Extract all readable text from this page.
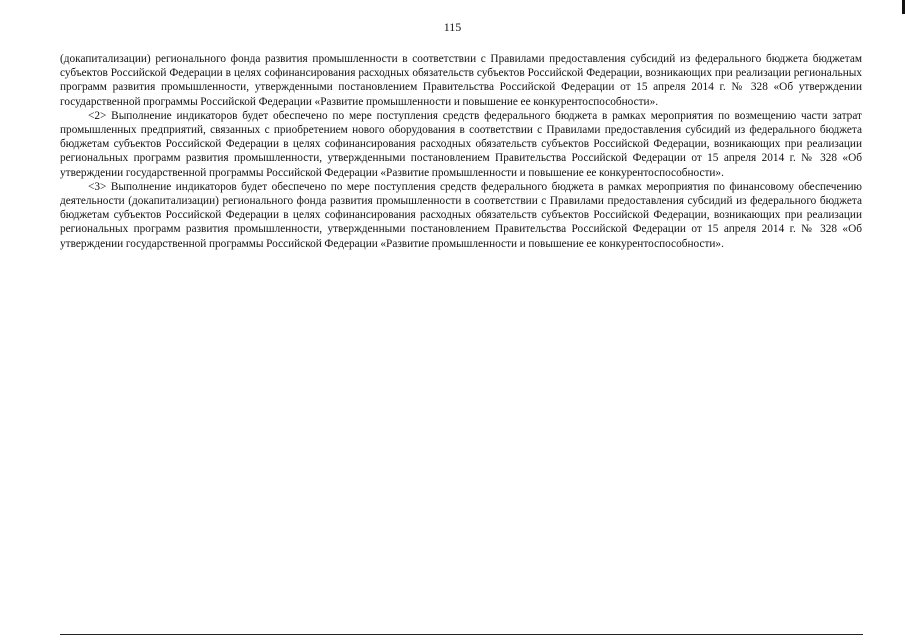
115

(докапитализации) регионального фонда развития промышленности в соответствии с Правилами предоставления субсидий из федерального бюджета бюджетам субъектов Российской Федерации в целях софинансирования расходных обязательств субъектов Российской Федерации, возникающих при реализации региональных программ развития промышленности, утвержденными постановлением Правительства Российской Федерации от 15 апреля 2014 г. № 328 «Об утверждении государственной программы Российской Федерации «Развитие промышленности и повышение ее конкурентоспособности».

<2> Выполнение индикаторов будет обеспечено по мере поступления средств федерального бюджета в рамках мероприятия по возмещению части затрат промышленных предприятий, связанных с приобретением нового оборудования в соответствии с Правилами предоставления субсидий из федерального бюджета бюджетам субъектов Российской Федерации в целях софинансирования расходных обязательств субъектов Российской Федерации, возникающих при реализации региональных программ развития промышленности, утвержденными постановлением Правительства Российской Федерации от 15 апреля 2014 г. № 328 «Об утверждении государственной программы Российской Федерации «Развитие промышленности и повышение ее конкурентоспособности».

<3> Выполнение индикаторов будет обеспечено по мере поступления средств федерального бюджета в рамках мероприятия по финансовому обеспечению деятельности (докапитализации) регионального фонда развития промышленности в соответствии с Правилами предоставления субсидий из федерального бюджета бюджетам субъектов Российской Федерации в целях софинансирования расходных обязательств субъектов Российской Федерации, возникающих при реализации региональных программ развития промышленности, утвержденными постановлением Правительства Российской Федерации от 15 апреля 2014 г. № 328 «Об утверждении государственной программы Российской Федерации «Развитие промышленности и повышение ее конкурентоспособности».
